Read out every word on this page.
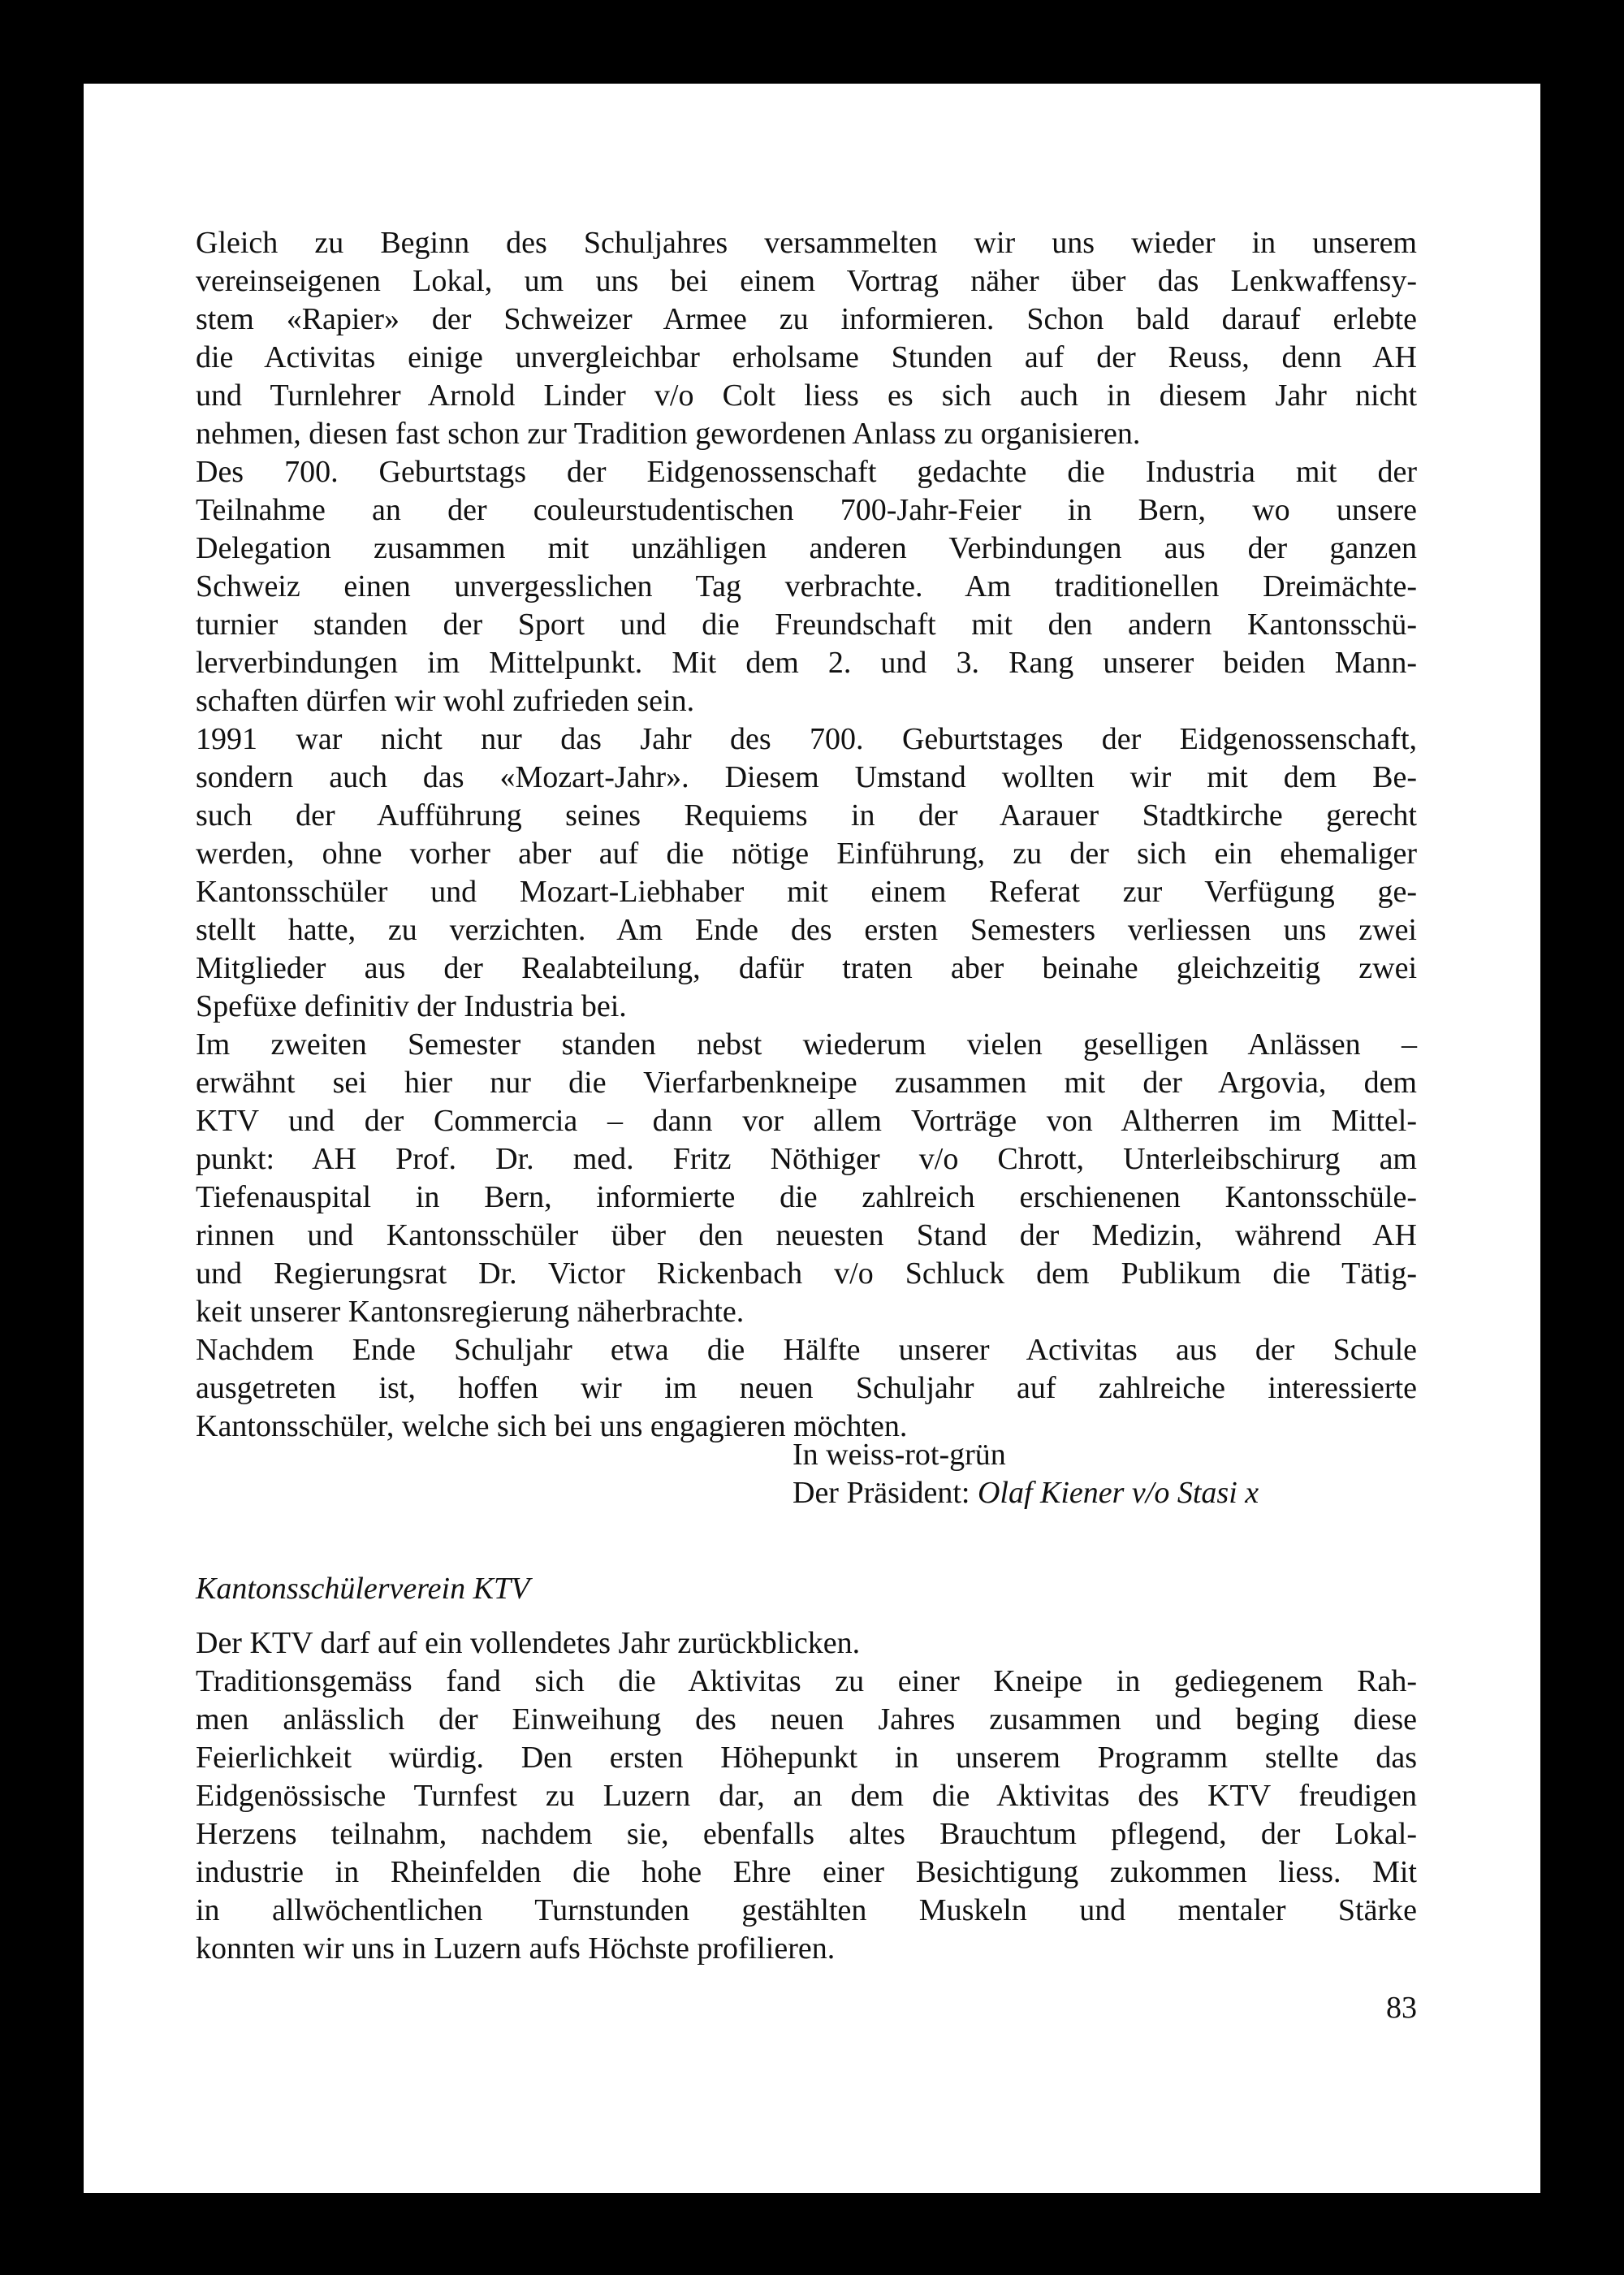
Gleich zu Beginn des Schuljahres versammelten wir uns wieder in unserem
vereinseigenen Lokal, um uns bei einem Vortrag näher über das Lenkwaffensy-
stem «Rapier» der Schweizer Armee zu informieren. Schon bald darauf erlebte
die Activitas einige unvergleichbar erholsame Stunden auf der Reuss, denn AH
und Turnlehrer Arnold Linder v/o Colt liess es sich auch in diesem Jahr nicht
nehmen, diesen fast schon zur Tradition gewordenen Anlass zu organisieren.
Des 700. Geburtstags der Eidgenossenschaft gedachte die Industria mit der
Teilnahme an der couleurstudentischen 700-Jahr-Feier in Bern, wo unsere
Delegation zusammen mit unzähligen anderen Verbindungen aus der ganzen
Schweiz einen unvergesslichen Tag verbrachte. Am traditionellen Dreimächte-
turnier standen der Sport und die Freundschaft mit den andern Kantonsschü-
lerverbindungen im Mittelpunkt. Mit dem 2. und 3. Rang unserer beiden Mann-
schaften dürfen wir wohl zufrieden sein.
1991 war nicht nur das Jahr des 700. Geburtstages der Eidgenossenschaft,
sondern auch das «Mozart-Jahr». Diesem Umstand wollten wir mit dem Be-
such der Aufführung seines Requiems in der Aarauer Stadtkirche gerecht
werden, ohne vorher aber auf die nötige Einführung, zu der sich ein ehemaliger
Kantonsschüler und Mozart-Liebhaber mit einem Referat zur Verfügung ge-
stellt hatte, zu verzichten. Am Ende des ersten Semesters verliessen uns zwei
Mitglieder aus der Realabteilung, dafür traten aber beinahe gleichzeitig zwei
Spefüxe definitiv der Industria bei.
Im zweiten Semester standen nebst wiederum vielen geselligen Anlässen –
erwähnt sei hier nur die Vierfarbenkneipe zusammen mit der Argovia, dem
KTV und der Commercia – dann vor allem Vorträge von Altherren im Mittel-
punkt: AH Prof. Dr. med. Fritz Nöthiger v/o Chrott, Unterleibschirurg am
Tiefenauspital in Bern, informierte die zahlreich erschienenen Kantonsschüle-
rinnen und Kantonsschüler über den neuesten Stand der Medizin, während AH
und Regierungsrat Dr. Victor Rickenbach v/o Schluck dem Publikum die Tätig-
keit unserer Kantonsregierung näherbrachte.
Nachdem Ende Schuljahr etwa die Hälfte unserer Activitas aus der Schule
ausgetreten ist, hoffen wir im neuen Schuljahr auf zahlreiche interessierte
Kantonsschüler, welche sich bei uns engagieren möchten.
In weiss-rot-grün
Der Präsident: Olaf Kiener v/o Stasi x
Kantonsschülerverein KTV
Der KTV darf auf ein vollendetes Jahr zurückblicken.
Traditionsgemäss fand sich die Aktivitas zu einer Kneipe in gediegenem Rah-
men anlässlich der Einweihung des neuen Jahres zusammen und beging diese
Feierlichkeit würdig. Den ersten Höhepunkt in unserem Programm stellte das
Eidgenössische Turnfest zu Luzern dar, an dem die Aktivitas des KTV freudigen
Herzens teilnahm, nachdem sie, ebenfalls altes Brauchtum pflegend, der Lokal-
industrie in Rheinfelden die hohe Ehre einer Besichtigung zukommen liess. Mit
in allwöchentlichen Turnstunden gestählten Muskeln und mentaler Stärke
konnten wir uns in Luzern aufs Höchste profilieren.
83
